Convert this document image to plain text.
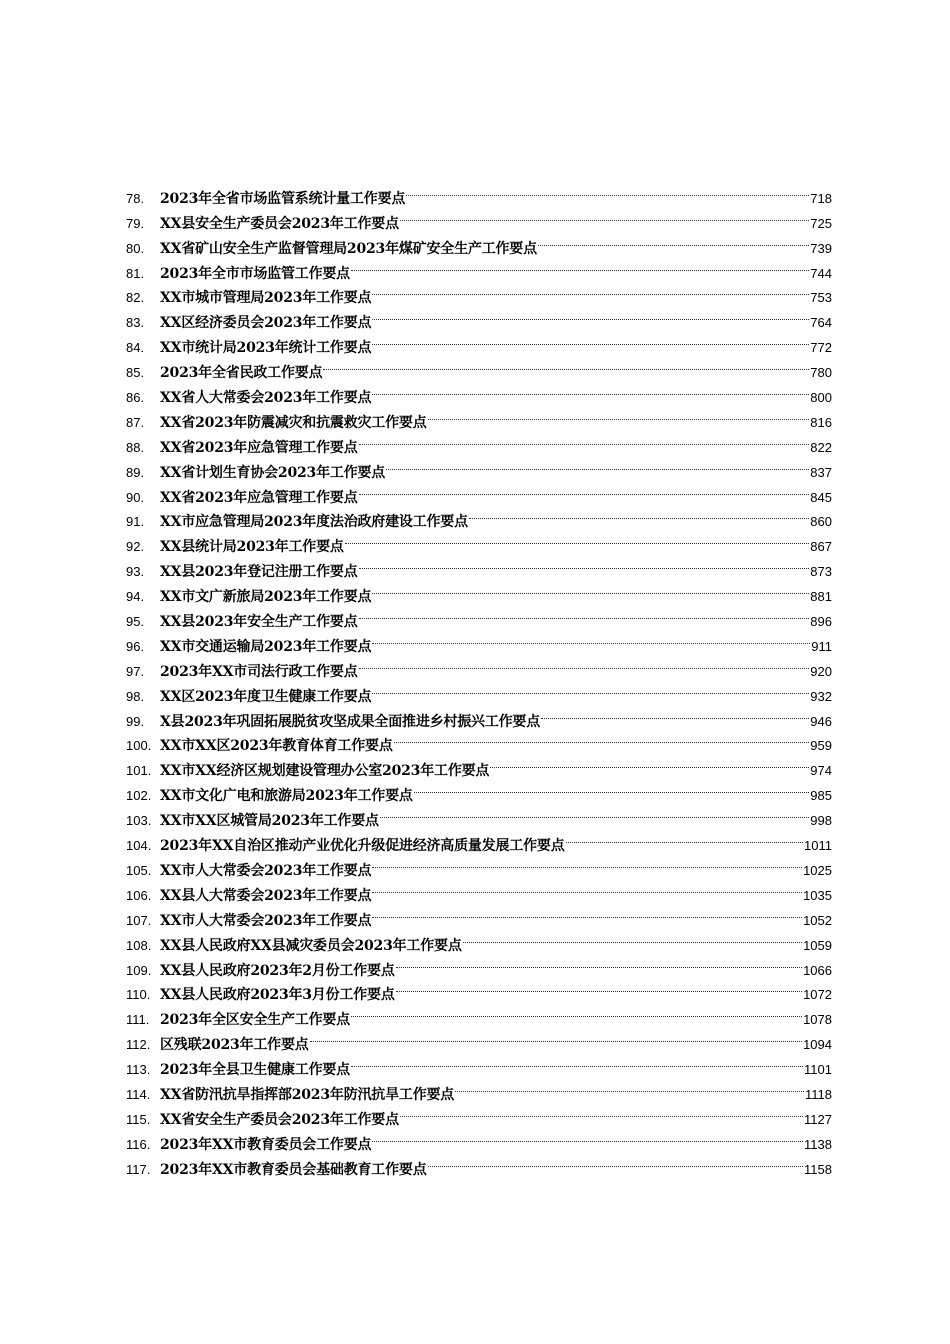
78.	2023年全省市场监管系统计量工作要点	718
79.	XX县安全生产委员会2023年工作要点	725
80.	XX省矿山安全生产监督管理局2023年煤矿安全生产工作要点	739
81.	2023年全市市场监管工作要点	744
82.	XX市城市管理局2023年工作要点	753
83.	XX区经济委员会2023年工作要点	764
84.	XX市统计局2023年统计工作要点	772
85.	2023年全省民政工作要点	780
86.	XX省人大常委会2023年工作要点	800
87.	XX省2023年防震减灾和抗震救灾工作要点	816
88.	XX省2023年应急管理工作要点	822
89.	XX省计划生育协会2023年工作要点	837
90.	XX省2023年应急管理工作要点	845
91.	XX市应急管理局2023年度法治政府建设工作要点	860
92.	XX县统计局2023年工作要点	867
93.	XX县2023年登记注册工作要点	873
94.	XX市文广新旅局2023年工作要点	881
95.	XX县2023年安全生产工作要点	896
96.	XX市交通运输局2023年工作要点	911
97.	2023年XX市司法行政工作要点	920
98.	XX区2023年度卫生健康工作要点	932
99.	X县2023年巩固拓展脱贫攻坚成果全面推进乡村振兴工作要点	946
100. XX市XX区2023年教育体育工作要点	959
101. XX市XX经济区规划建设管理办公室2023年工作要点	974
102. XX市文化广电和旅游局2023年工作要点	985
103. XX市XX区城管局2023年工作要点	998
104. 2023年XX自治区推动产业优化升级促进经济高质量发展工作要点	1011
105. XX市人大常委会2023年工作要点	1025
106. XX县人大常委会2023年工作要点	1035
107. XX市人大常委会2023年工作要点	1052
108. XX县人民政府XX县减灾委员会2023年工作要点	1059
109. XX县人民政府2023年2月份工作要点	1066
110. XX县人民政府2023年3月份工作要点	1072
111. 2023年全区安全生产工作要点	1078
112. 区残联2023年工作要点	1094
113. 2023年全县卫生健康工作要点	1101
114. XX省防汛抗旱指挥部2023年防汛抗旱工作要点	1118
115. XX省安全生产委员会2023年工作要点	1127
116. 2023年XX市教育委员会工作要点	1138
117. 2023年XX市教育委员会基础教育工作要点	1158
